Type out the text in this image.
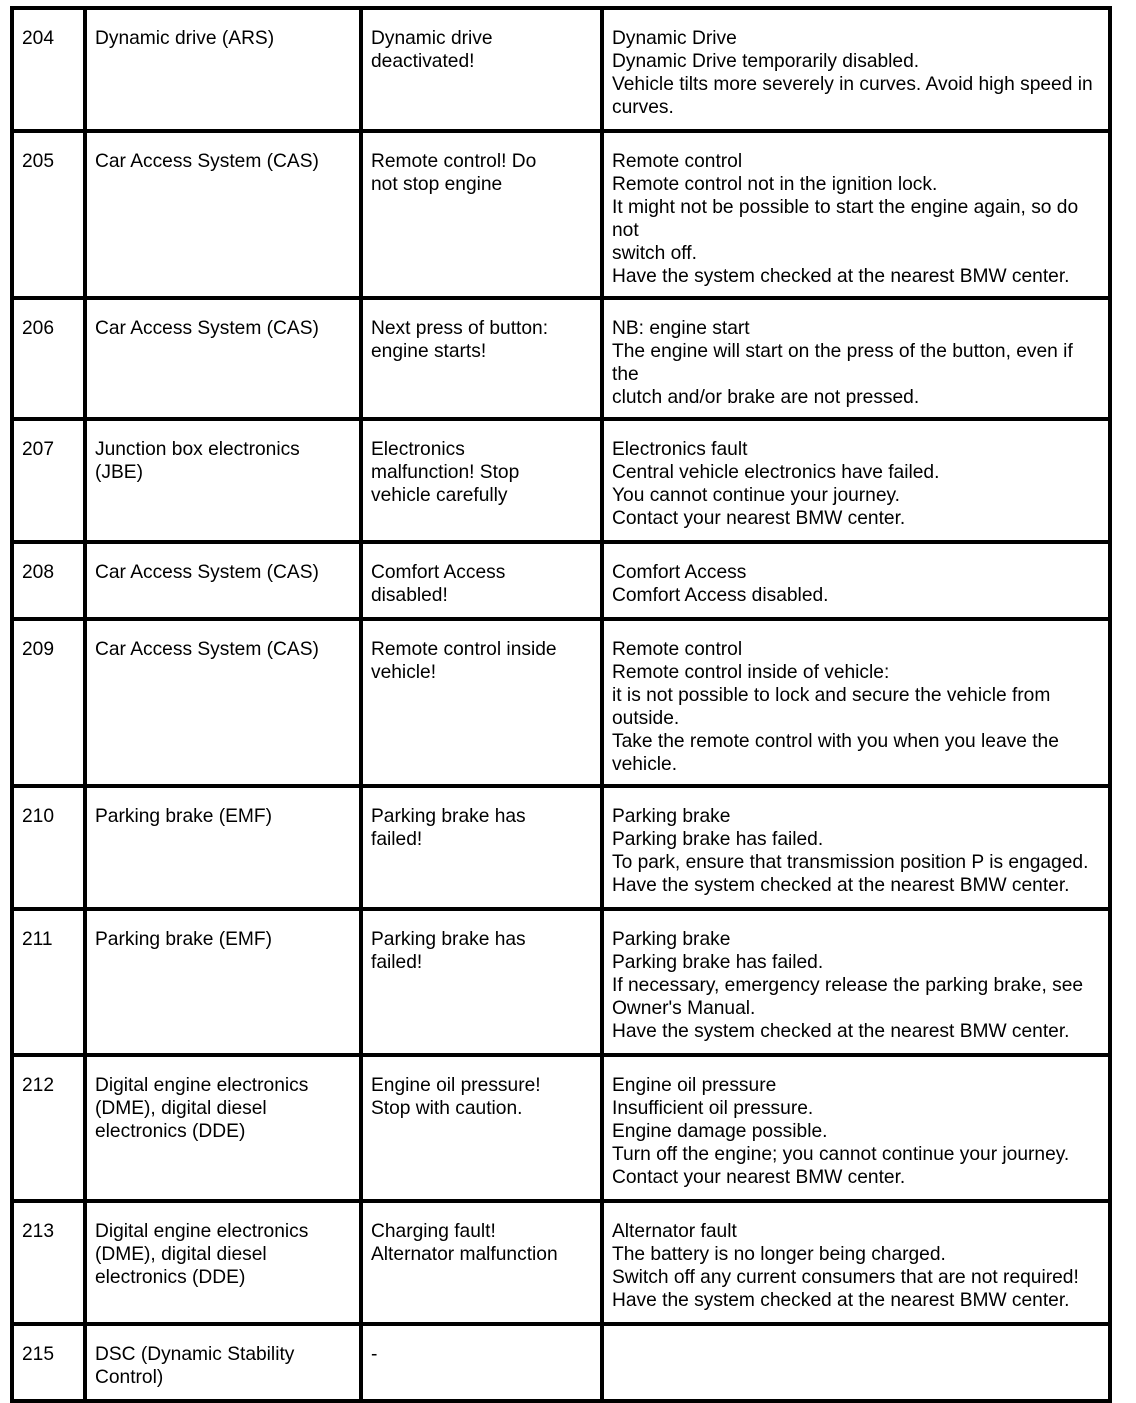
204	Dynamic drive (ARS)	Dynamic drive
deactivated!	Dynamic Drive
Dynamic Drive temporarily disabled.
Vehicle tilts more severely in curves. Avoid high speed in
curves.

205	Car Access System (CAS)	Remote control! Do
not stop engine	Remote control
Remote control not in the ignition lock.
It might not be possible to start the engine again, so do not
switch off.
Have the system checked at the nearest BMW center.

206	Car Access System (CAS)	Next press of button:
engine starts!	NB: engine start
The engine will start on the press of the button, even if the
clutch and/or brake are not pressed.

207	Junction box electronics
(JBE)	Electronics
malfunction! Stop
vehicle carefully	Electronics fault
Central vehicle electronics have failed.
You cannot continue your journey.
Contact your nearest BMW center.

208	Car Access System (CAS)	Comfort Access
disabled!	Comfort Access
Comfort Access disabled.

209	Car Access System (CAS)	Remote control inside
vehicle!	Remote control
Remote control inside of vehicle:
it is not possible to lock and secure the vehicle from outside.
Take the remote control with you when you leave the vehicle.

210	Parking brake (EMF)	Parking brake has
failed!	Parking brake
Parking brake has failed.
To park, ensure that transmission position P is engaged.
Have the system checked at the nearest BMW center.

211	Parking brake (EMF)	Parking brake has
failed!	Parking brake
Parking brake has failed.
If necessary, emergency release the parking brake, see
Owner's Manual.
Have the system checked at the nearest BMW center.

212	Digital engine electronics
(DME), digital diesel
electronics (DDE)	Engine oil pressure!
Stop with caution.	Engine oil pressure
Insufficient oil pressure.
Engine damage possible.
Turn off the engine; you cannot continue your journey.
Contact your nearest BMW center.

213	Digital engine electronics
(DME), digital diesel
electronics (DDE)	Charging fault!
Alternator malfunction	Alternator fault
The battery is no longer being charged.
Switch off any current consumers that are not required!
Have the system checked at the nearest BMW center.

215	DSC (Dynamic Stability
Control)	-	
